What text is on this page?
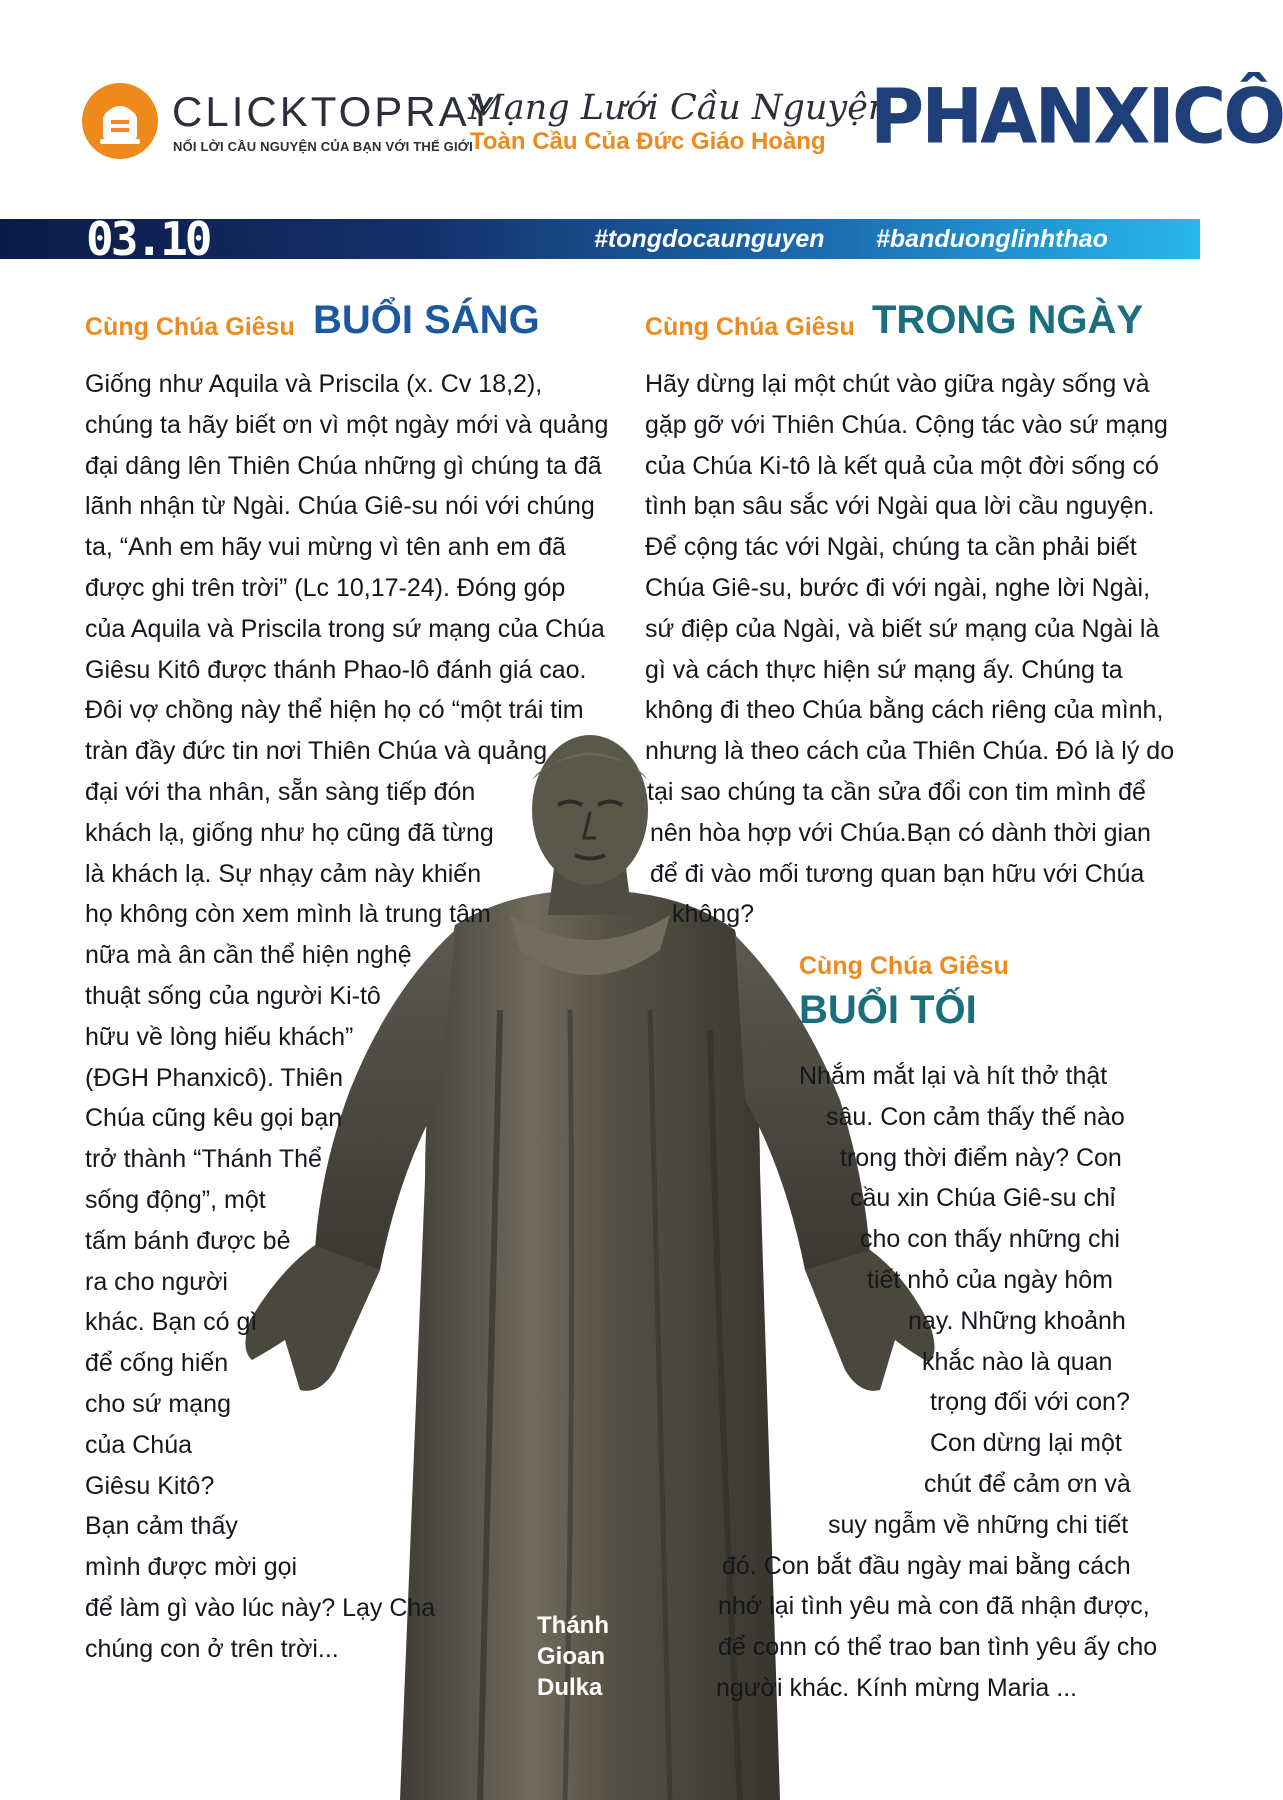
CLICKTOPRAY
NỐI LỜI CẦU NGUYỆN CỦA BẠN VỚI THẾ GIỚI
Mạng Lưới Cầu Nguyện
Toàn Cầu Của Đức Giáo Hoàng PHANXICÔ
03.10	#tongdocaunguyen #banduonglinhthao
Thánh
Gioan
Dulka
Cùng Chúa Giêsu BUỔI SÁNG
Giống như Aquila và Priscila (x. Cv 18,2),
chúng ta hãy biết ơn vì một ngày mới và quảng
đại dâng lên Thiên Chúa những gì chúng ta đã
lãnh nhận từ Ngài. Chúa Giê-su nói với chúng
ta, “Anh em hãy vui mừng vì tên anh em đã
được ghi trên trời” (Lc 10,17-24). Đóng góp
của Aquila và Priscila trong sứ mạng của Chúa
Giêsu Kitô được thánh Phao-lô đánh giá cao.
Đôi vợ chồng này thể hiện họ có “một trái tim
tràn đầy đức tin nơi Thiên Chúa và quảng
đại với tha nhân, sẵn sàng tiếp đón
khách lạ, giống như họ cũng đã từng
là khách lạ. Sự nhạy cảm này khiến
họ không còn xem mình là trung tâm
nữa mà ân cần thể hiện nghệ
thuật sống của người Ki-tô
hữu về lòng hiếu khách”
(ĐGH Phanxicô). Thiên
Chúa cũng kêu gọi bạn
trở thành “Thánh Thể
sống động”, một
tấm bánh được bẻ
ra cho người
khác. Bạn có gì
để cống hiến
cho sứ mạng
của Chúa
Giêsu Kitô?
Bạn cảm thấy
mình được mời gọi
để làm gì vào lúc này? Lạy Cha
chúng con ở trên trời...
Cùng Chúa Giêsu TRONG NGÀY
Hãy dừng lại một chút vào giữa ngày sống và
gặp gỡ với Thiên Chúa. Cộng tác vào sứ mạng
của Chúa Ki-tô là kết quả của một đời sống có
tình bạn sâu sắc với Ngài qua lời cầu nguyện.
Để cộng tác với Ngài, chúng ta cần phải biết
Chúa Giê-su, bước đi với ngài, nghe lời Ngài,
sứ điệp của Ngài, và biết sứ mạng của Ngài là
gì và cách thực hiện sứ mạng ấy. Chúng ta
không đi theo Chúa bằng cách riêng của mình,
nhưng là theo cách của Thiên Chúa. Đó là lý do
tại sao chúng ta cần sửa đổi con tim mình để
nên hòa hợp với Chúa.Bạn có dành thời gian
để đi vào mối tương quan bạn hữu với Chúa
không?
Cùng Chúa Giêsu
BUỔI TỐI
Nhắm mắt lại và hít thở thật
sâu. Con cảm thấy thế nào
trong thời điểm này? Con
cầu xin Chúa Giê-su chỉ
cho con thấy những chi
tiết nhỏ của ngày hôm
nay. Những khoảnh
khắc nào là quan
trọng đối với con?
Con dừng lại một
chút để cảm ơn và
suy ngẫm về những chi tiết
đó. Con bắt đầu ngày mai bằng cách
nhớ lại tình yêu mà con đã nhận được,
để conn có thể trao ban tình yêu ấy cho
người khác. Kính mừng Maria ...
